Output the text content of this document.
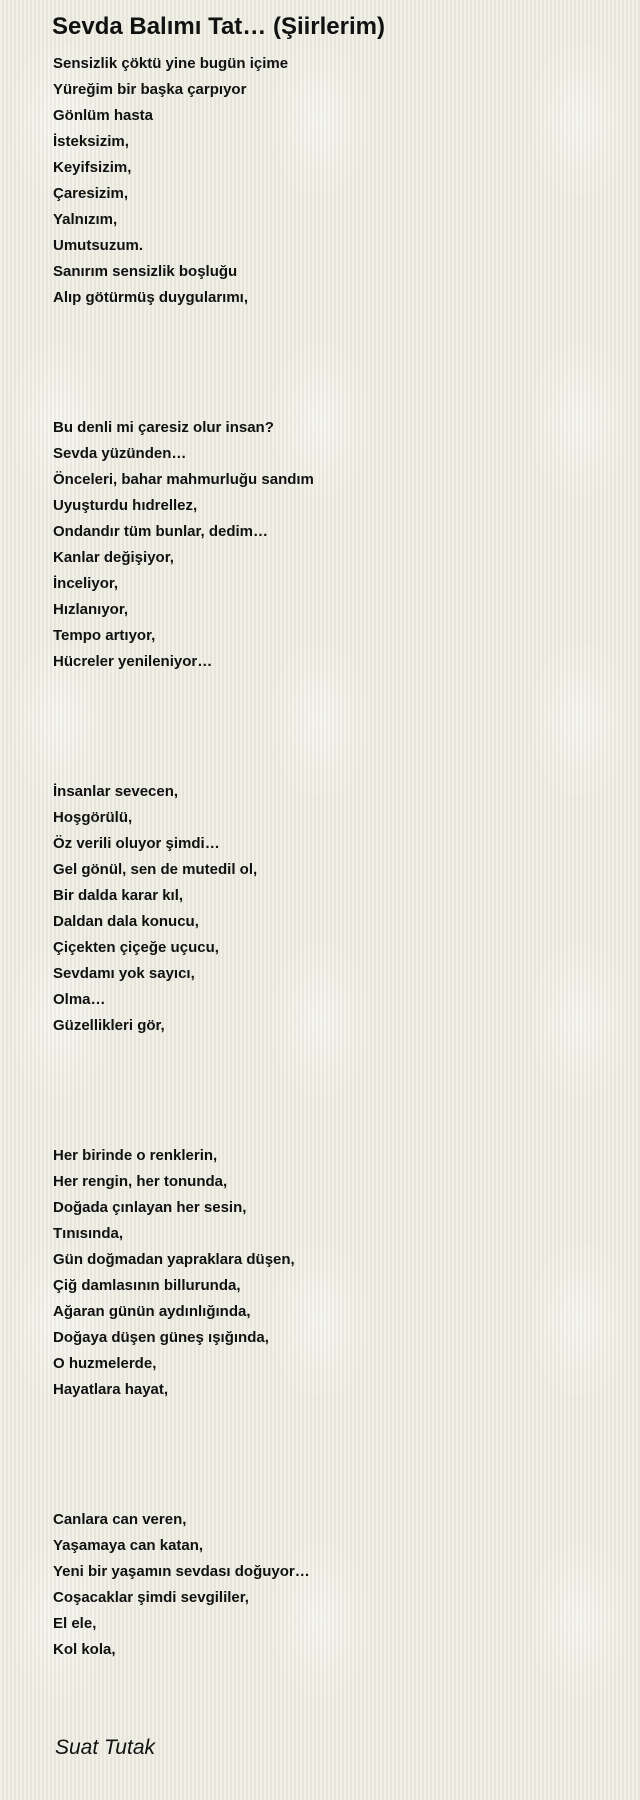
Sevda Balımı Tat… (Şiirlerim)
Sensizlik çöktü yine bugün içime
Yüreğim bir başka çarpıyor
Gönlüm hasta
İsteksizim,
Keyifsizim,
Çaresizim,
Yalnızım,
Umutsuzum.
Sanırım sensizlik boşluğu
Alıp götürmüş duygularımı,
Bu denli mi çaresiz olur insan?
Sevda yüzünden…
Önceleri, bahar mahmurluğu sandım
Uyuşturdu hıdrellez,
Ondandır tüm bunlar, dedim…
Kanlar değişiyor,
İnceliyor,
Hızlanıyor,
Tempo artıyor,
Hücreler yenileniyor…
İnsanlar sevecen,
Hoşgörülü,
Öz verili oluyor şimdi…
Gel gönül, sen de mutedil ol,
Bir dalda karar kıl,
Daldan dala konucu,
Çiçekten çiçeğe uçucu,
Sevdamı yok sayıcı,
Olma…
Güzellikleri gör,
Her birinde o renklerin,
Her rengin, her tonunda,
Doğada çınlayan her sesin,
Tınısında,
Gün doğmadan yapraklara düşen,
Çiğ damlasının billurunda,
Ağaran günün aydınlığında,
Doğaya düşen güneş ışığında,
O huzmelerde,
Hayatlara hayat,
Canlara can veren,
Yaşamaya can katan,
Yeni bir yaşamın sevdası doğuyor…
Coşacaklar şimdi sevgililer,
El ele,
Kol kola,
Suat Tutak
